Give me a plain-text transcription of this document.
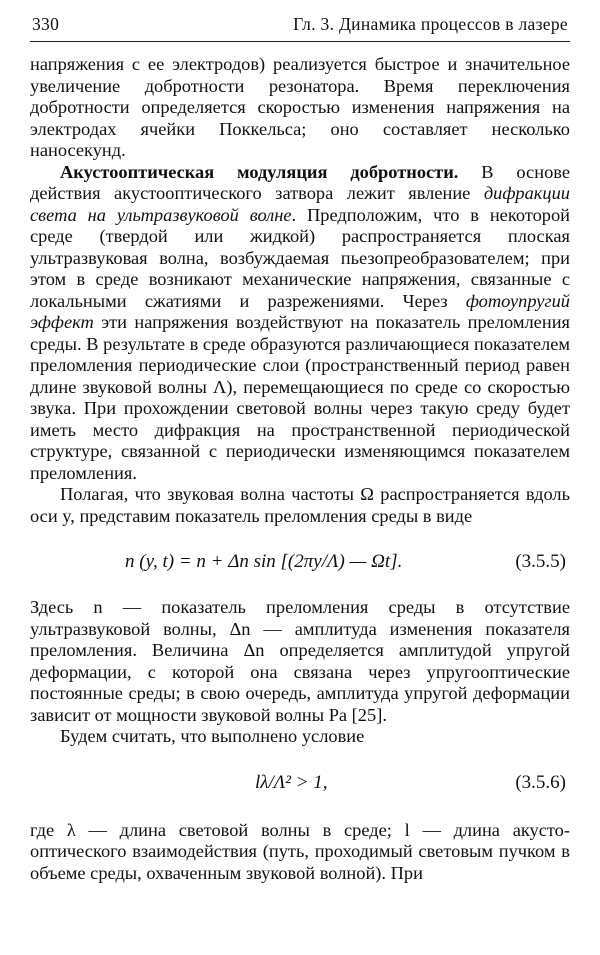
330	Гл. 3. Динамика процессов в лазере

напряжения с ее электродов) реализуется быстрое и значительное увеличение добротности резонатора. Время переключения добротности определяется скоростью изменения напряжения на электродах ячейки Поккельса; оно составляет несколько наносекунд.

Акустооптическая модуляция добротности. В основе действия акустооптического затвора лежит явление дифракции света на ультразвуковой волне. Предположим, что в некоторой среде (твердой или жидкой) распространяется плоская ультразвуковая волна, возбуждаемая пьезопреобразователем; при этом в среде возникают механические напряжения, связанные с локальными сжатиями и разрежениями. Через фотоупругий эффект эти напряжения воздействуют на показатель преломления среды. В результате в среде образуются различающиеся показателем преломления периодические слои (пространственный период равен длине звуковой волны Λ), перемещающиеся по среде со скоростью звука. При прохождении световой волны через такую среду будет иметь место дифракция на пространственной периодической структуре, связанной с периодически изменяющимся показателем преломления.

Полагая, что звуковая волна частоты Ω распространяется вдоль оси y, представим показатель преломления среды в виде

n (y, t) = n + Δn sin [(2πy/Λ) — Ωt].	(3.5.5)

Здесь n — показатель преломления среды в отсутствие ультразвуковой волны, Δn — амплитуда изменения показателя преломления. Величина Δn определяется амплитудой упругой деформации, с которой она связана через упругооптические постоянные среды; в свою очередь, амплитуда упругой деформации зависит от мощности звуковой волны Pa [25].

Будем считать, что выполнено условие

lλ/Λ² > 1,	(3.5.6)

где λ — длина световой волны в среде; l — длина акустооптического взаимодействия (путь, проходимый световым пучком в объеме среды, охваченным звуковой волной). При
